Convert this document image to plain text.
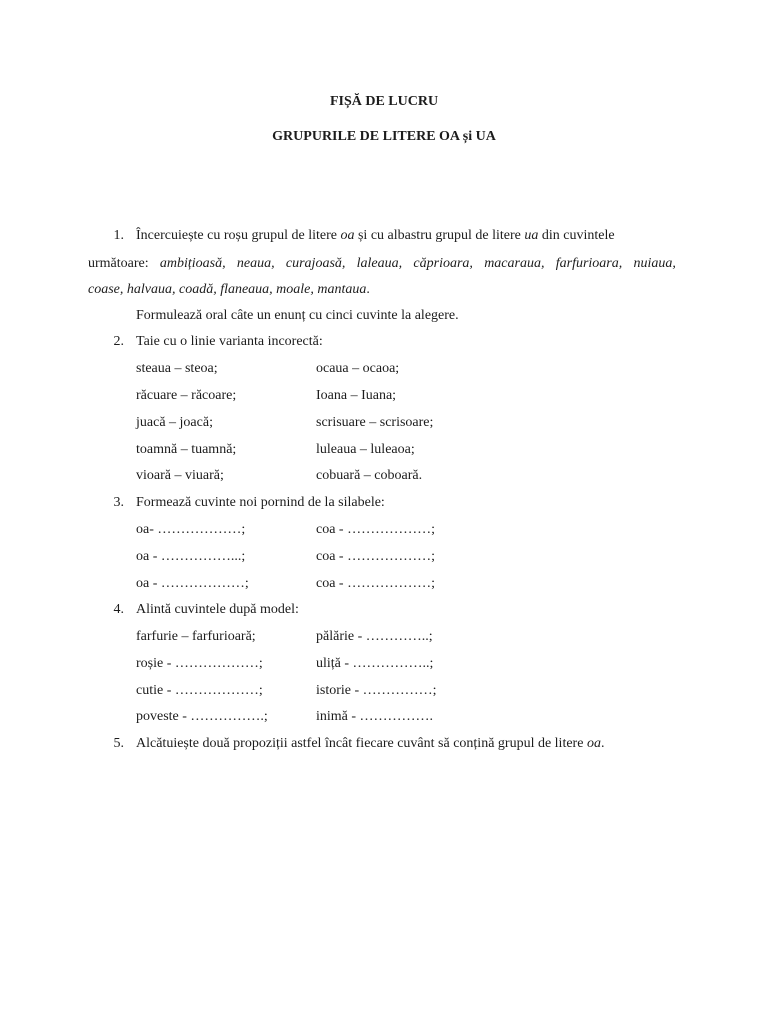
FIȘĂ DE LUCRU
GRUPURILE DE LITERE OA și UA
1. Încercuiește cu roșu grupul de litere oa și cu albastru grupul de litere ua din cuvintele
următoare: ambițioasă, neaua, curajoasă, laleaua, căprioara, macaraua, farfurioara, nuiaua,
coase, halvaua, coadă, flaneaua, moale, mantaua.
Formulează oral câte un enunț cu cinci cuvinte la alegere.
2. Taie cu o linie varianta incorectă:
steaua – steoa;	ocaua – ocaoa;
răcuare – răcoare;	Ioana – Iuana;
juacă – joacă;	scrisuare – scrisoare;
toamnă – tuamnă;	luleaua – luleaoa;
vioară – viuară;	cobuară – coboară.
3. Formează cuvinte noi pornind de la silabele:
oa- ………………;	coa - ………………;
oa - ……………...;	coa - ………………;
oa - ………………;	coa - ………………;
4. Alintă cuvintele după model:
farfurie – farfurioară;	pălărie - …………..;
roșie - ………………;	uliță - ……………..;
cutie - ………………;	istorie - ……………;
poveste - …………….;	inimă - …………….
5. Alcătuiește două propoziții astfel încât fiecare cuvânt să conțină grupul de litere oa.
